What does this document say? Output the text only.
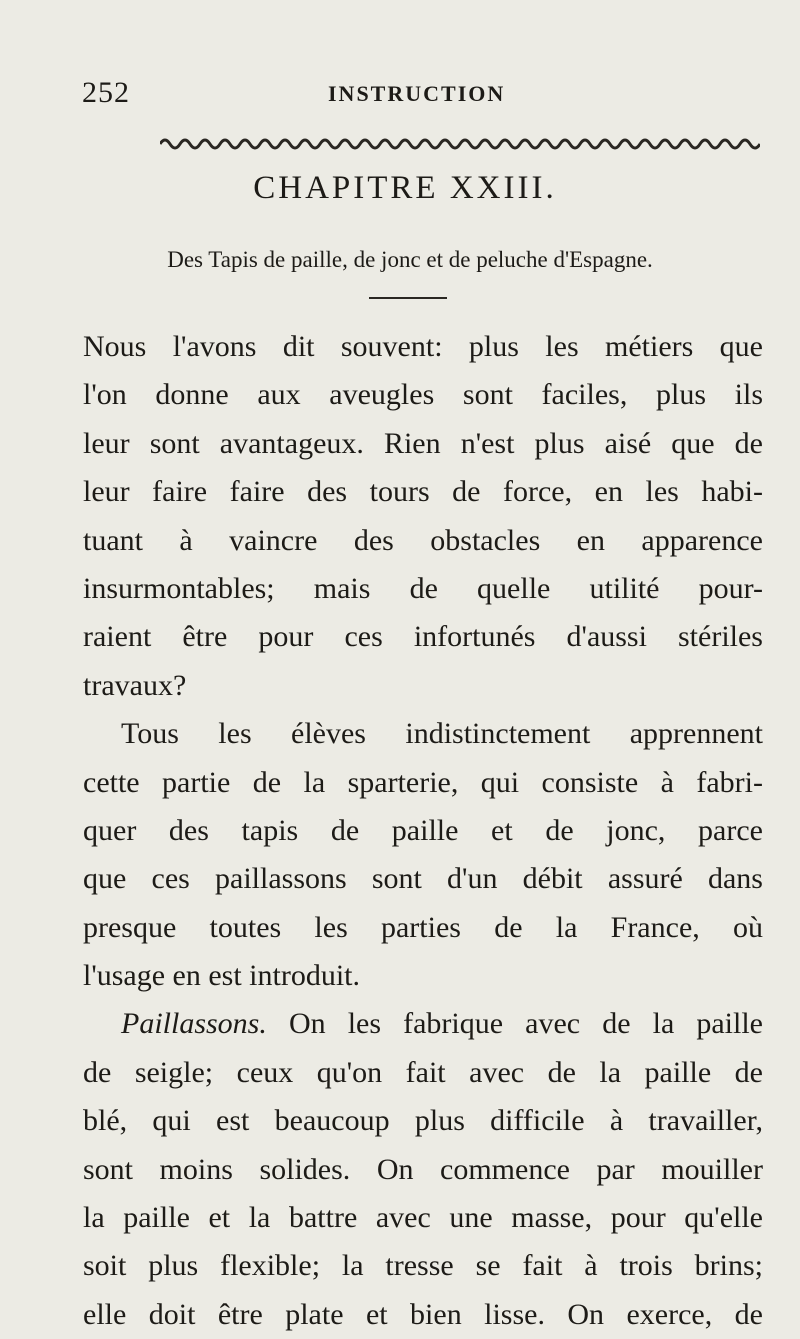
252	INSTRUCTION
CHAPITRE XXIII.
Des Tapis de paille, de jonc et de peluche d'Espagne.
Nous l'avons dit souvent: plus les métiers que
l'on donne aux aveugles sont faciles, plus ils
leur sont avantageux. Rien n'est plus aisé que de
leur faire faire des tours de force, en les habi-
tuant à vaincre des obstacles en apparence
insurmontables; mais de quelle utilité pour-
raient être pour ces infortunés d'aussi stériles
travaux?
Tous les élèves indistinctement apprennent
cette partie de la sparterie, qui consiste à fabri-
quer des tapis de paille et de jonc, parce
que ces paillassons sont d'un débit assuré dans
presque toutes les parties de la France, où
l'usage en est introduit.
Paillassons. On les fabrique avec de la paille
de seigle; ceux qu'on fait avec de la paille de
blé, qui est beaucoup plus difficile à travailler,
sont moins solides. On commence par mouiller
la paille et la battre avec une masse, pour qu'elle
soit plus flexible; la tresse se fait à trois brins;
elle doit être plate et bien lisse. On exerce, de
